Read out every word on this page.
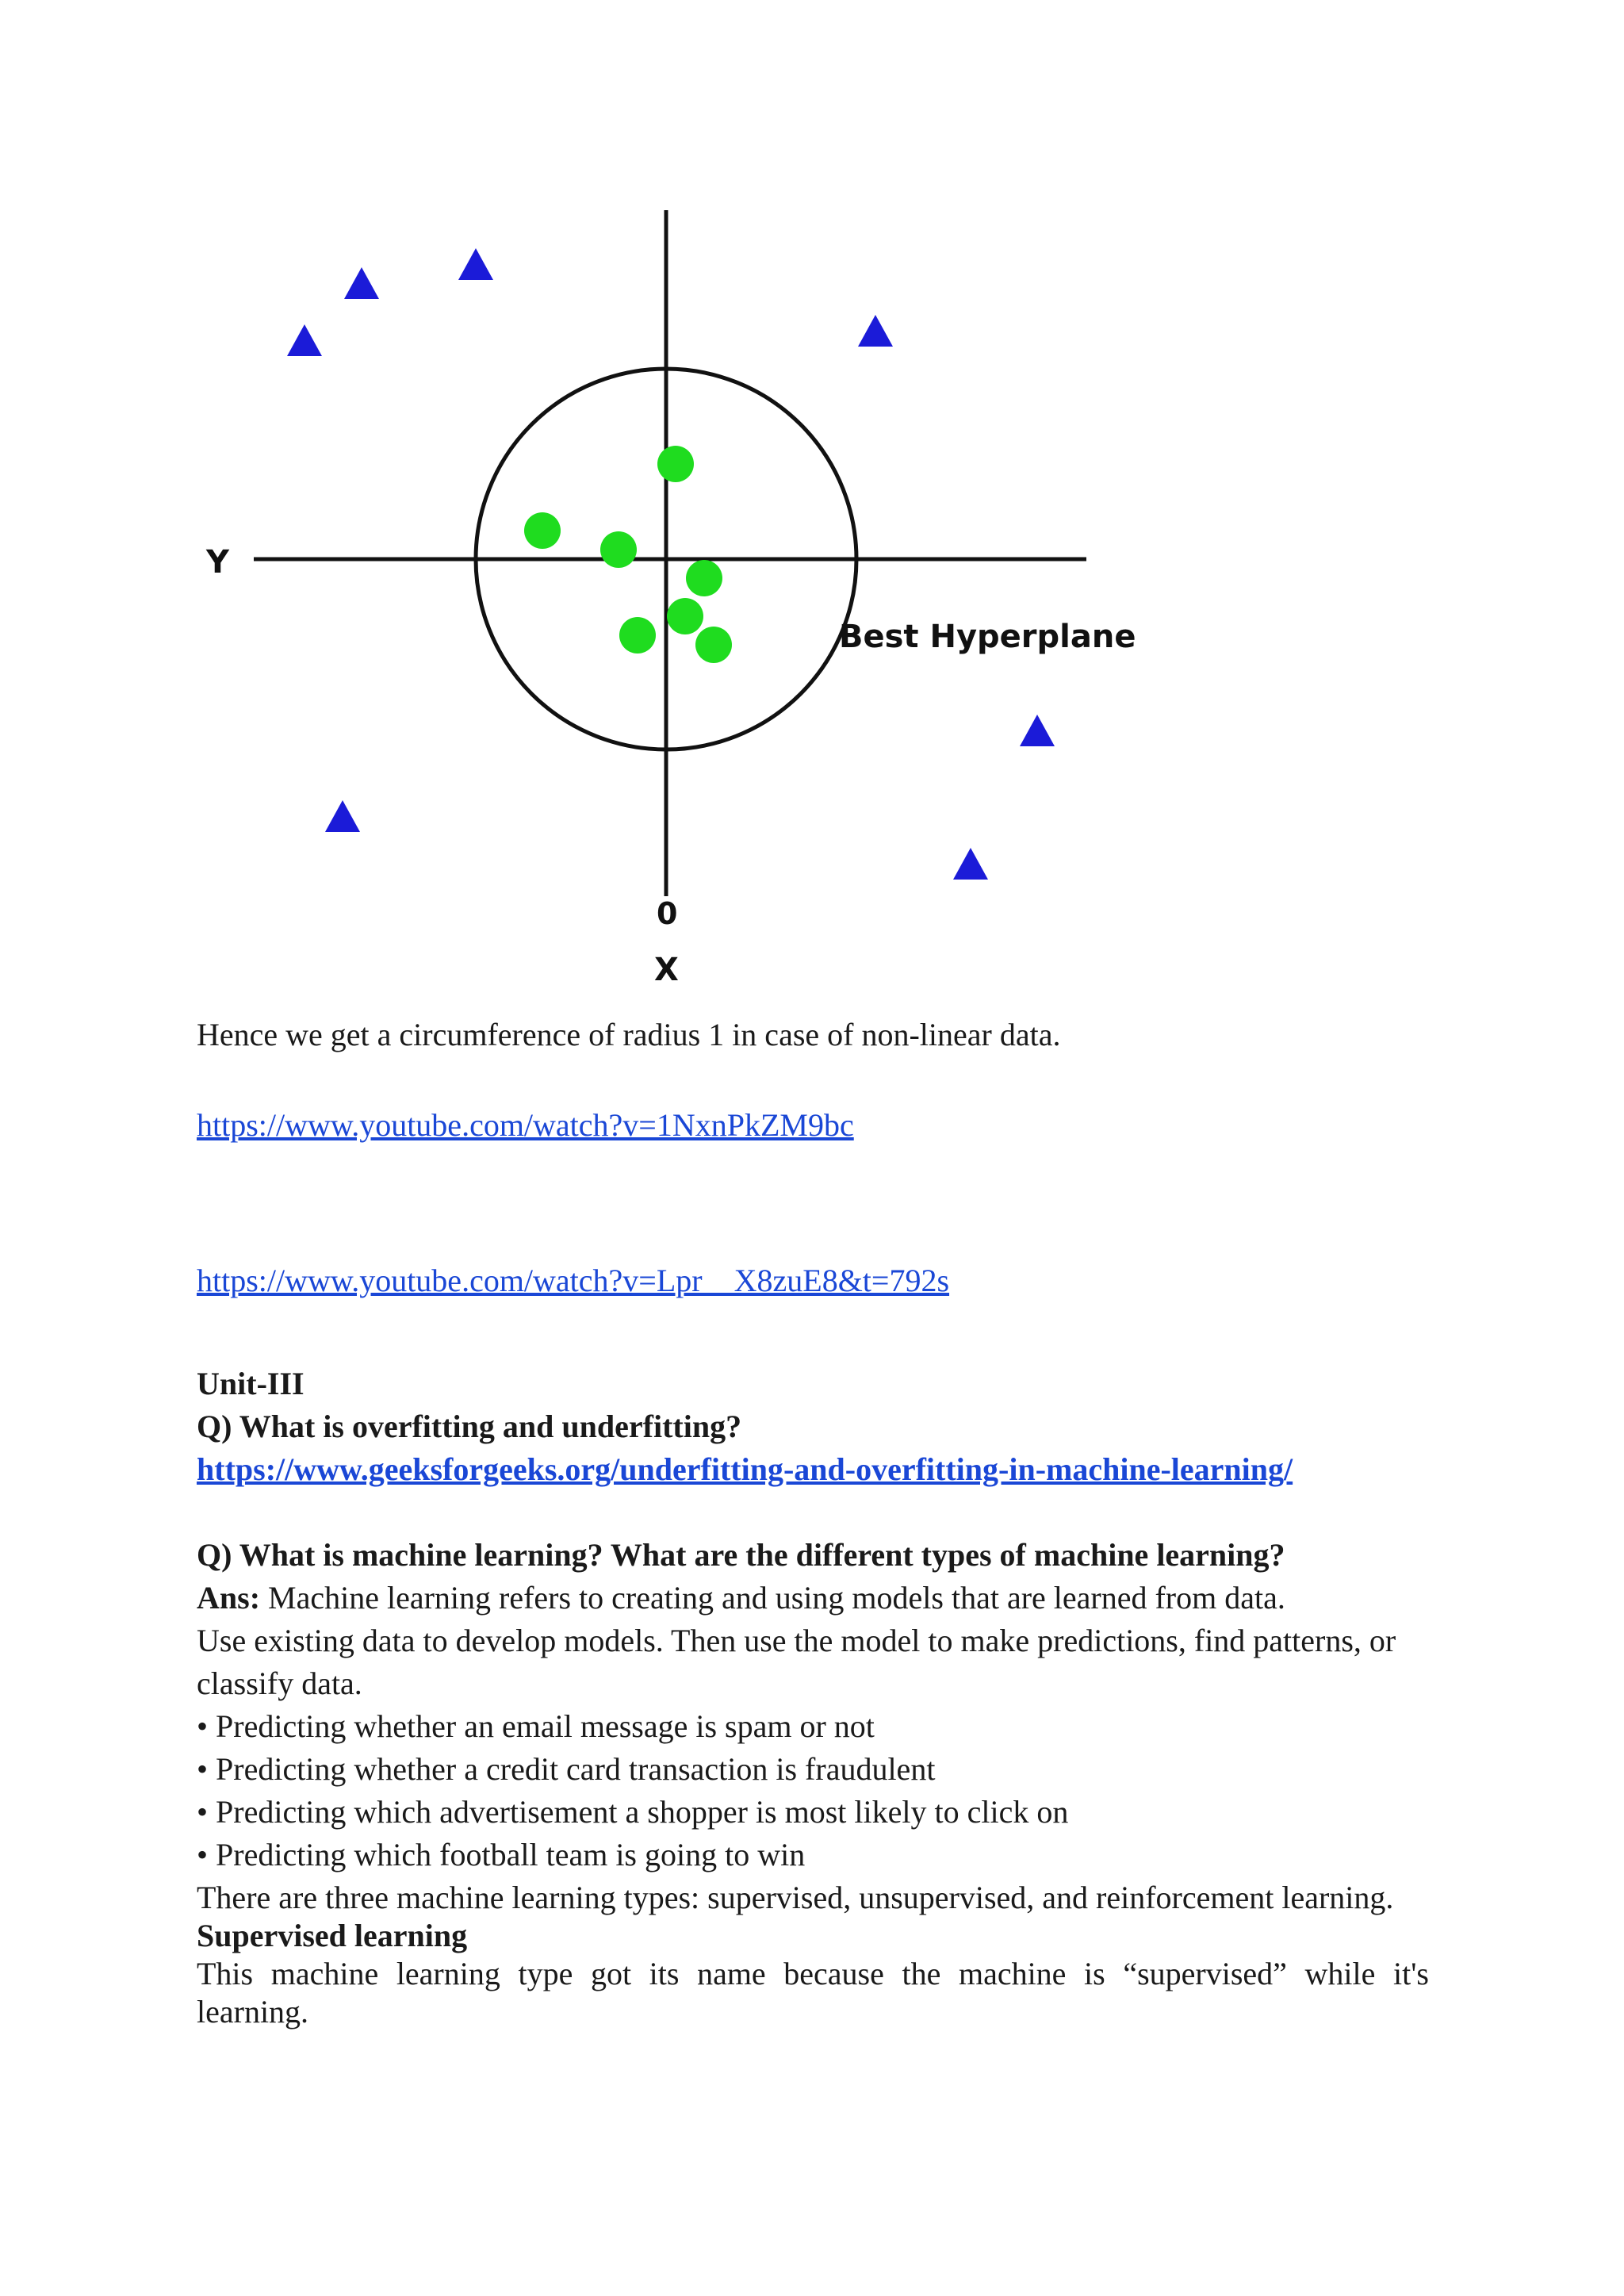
Y
0
X
Best Hyperplane
Hence we get a circumference of radius 1 in case of non-linear data.
https://www.youtube.com/watch?v=1NxnPkZM9bc
https://www.youtube.com/watch?v=Lpr__X8zuE8&t=792s
Unit-III
Q) What is overfitting and underfitting?
https://www.geeksforgeeks.org/underfitting-and-overfitting-in-machine-learning/
Q) What is machine learning? What are the different types of machine learning?
Ans: Machine learning refers to creating and using models that are learned from data.
Use existing data to develop models. Then use the model to make predictions, find patterns, or
classify data.
• Predicting whether an email message is spam or not
• Predicting whether a credit card transaction is fraudulent
• Predicting which advertisement a shopper is most likely to click on
• Predicting which football team is going to win
There are three machine learning types: supervised, unsupervised, and reinforcement learning.
Supervised learning
This machine learning type got its name because the machine is “supervised” while it's
learning.
